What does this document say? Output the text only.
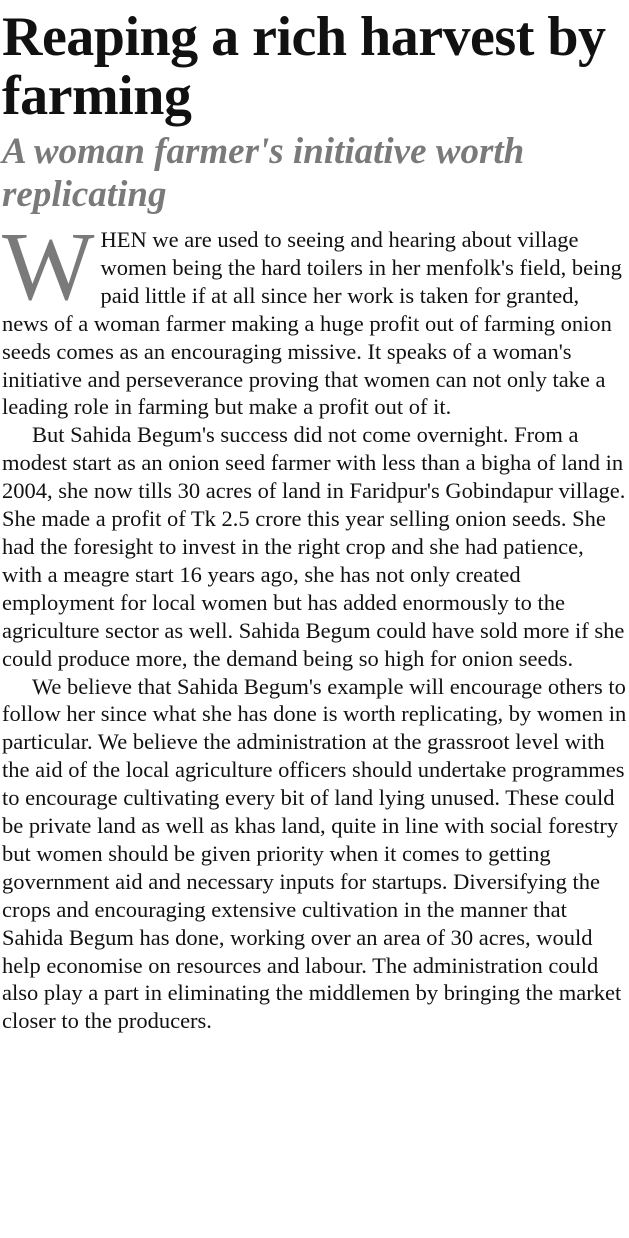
Reaping a rich harvest by farming
A woman farmer's initiative worth replicating

WHEN we are used to seeing and hearing about village women being the hard toilers in her menfolk's field, being paid little if at all since her work is taken for granted, news of a woman farmer making a huge profit out of farming onion seeds comes as an encouraging missive. It speaks of a woman's initiative and perseverance proving that women can not only take a leading role in farming but make a profit out of it.

But Sahida Begum's success did not come overnight. From a modest start as an onion seed farmer with less than a bigha of land in 2004, she now tills 30 acres of land in Faridpur's Gobindapur village. She made a profit of Tk 2.5 crore this year selling onion seeds. She had the foresight to invest in the right crop and she had patience, with a meagre start 16 years ago, she has not only created employment for local women but has added enormously to the agriculture sector as well. Sahida Begum could have sold more if she could produce more, the demand being so high for onion seeds.

We believe that Sahida Begum's example will encourage others to follow her since what she has done is worth replicating, by women in particular. We believe the administration at the grassroot level with the aid of the local agriculture officers should undertake programmes to encourage cultivating every bit of land lying unused. These could be private land as well as khas land, quite in line with social forestry but women should be given priority when it comes to getting government aid and necessary inputs for startups. Diversifying the crops and encouraging extensive cultivation in the manner that Sahida Begum has done, working over an area of 30 acres, would help economise on resources and labour. The administration could also play a part in eliminating the middlemen by bringing the market closer to the producers.
